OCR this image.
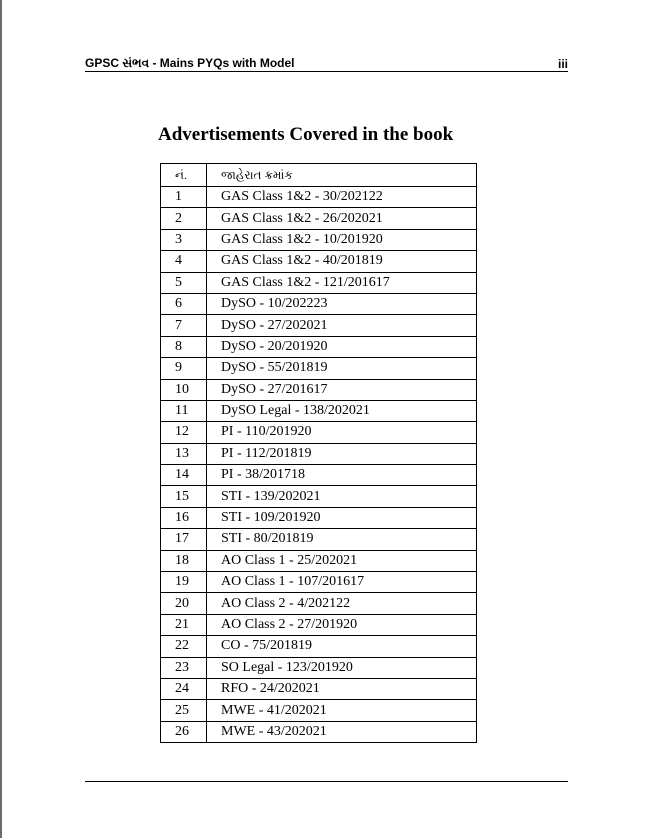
GPSC સંભવ - Mains PYQs with Model	iii
Advertisements Covered in the book
નં.	જાહેરાત ક્રમાંક
1	GAS Class 1&2 - 30/202122
2	GAS Class 1&2 - 26/202021
3	GAS Class 1&2 - 10/201920
4	GAS Class 1&2 - 40/201819
5	GAS Class 1&2 - 121/201617
6	DySO - 10/202223
7	DySO - 27/202021
8	DySO - 20/201920
9	DySO - 55/201819
10	DySO - 27/201617
11	DySO Legal - 138/202021
12	PI - 110/201920
13	PI - 112/201819
14	PI - 38/201718
15	STI - 139/202021
16	STI - 109/201920
17	STI - 80/201819
18	AO Class 1 - 25/202021
19	AO Class 1 - 107/201617
20	AO Class 2 - 4/202122
21	AO Class 2 - 27/201920
22	CO - 75/201819
23	SO Legal - 123/201920
24	RFO - 24/202021
25	MWE - 41/202021
26	MWE - 43/202021
